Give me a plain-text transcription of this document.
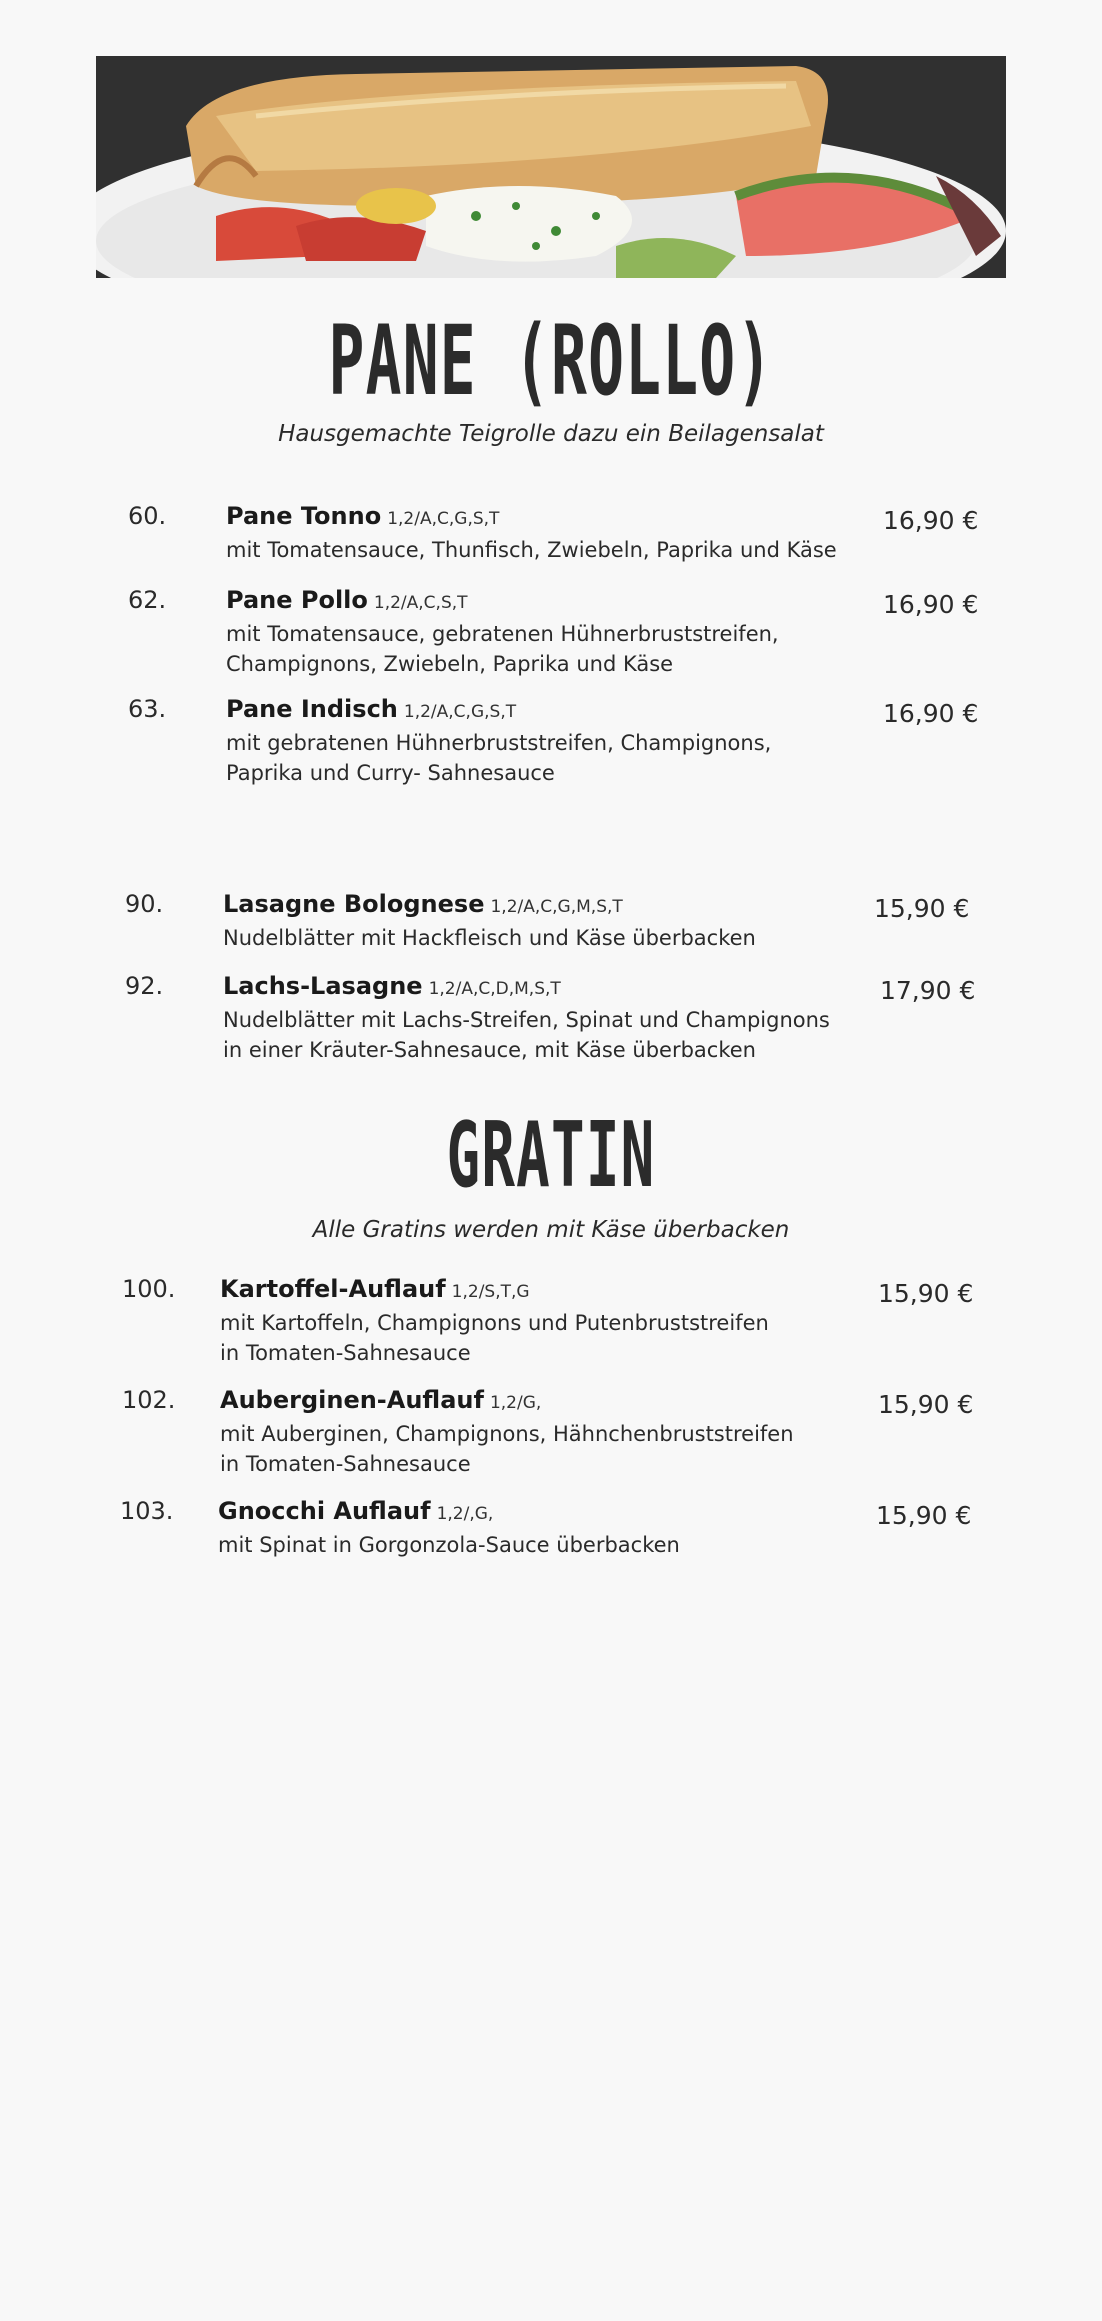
PANE (ROLLO)
Hausgemachte Teigrolle dazu ein Beilagensalat
60. Pane Tonno 1,2/A,C,G,S,T	16,90 €
mit Tomatensauce, Thunfisch, Zwiebeln, Paprika und Käse
62. Pane Pollo 1,2/A,C,S,T	16,90 €
mit Tomatensauce, gebratenen Hühnerbruststreifen,
Champignons, Zwiebeln, Paprika und Käse
63. Pane Indisch 1,2/A,C,G,S,T	16,90 €
mit gebratenen Hühnerbruststreifen, Champignons,
Paprika und Curry- Sahnesauce
90. Lasagne Bolognese 1,2/A,C,G,M,S,T	15,90 €
Nudelblätter mit Hackfleisch und Käse überbacken
92. Lachs-Lasagne 1,2/A,C,D,M,S,T	17,90 €
Nudelblätter mit Lachs-Streifen, Spinat und Champignons
in einer Kräuter-Sahnesauce, mit Käse überbacken
GRATIN
Alle Gratins werden mit Käse überbacken
100. Kartoffel-Auflauf 1,2/S,T,G	15,90 €
mit Kartoffeln, Champignons und Putenbruststreifen
in Tomaten-Sahnesauce
102. Auberginen-Auflauf 1,2/G,	15,90 €
mit Auberginen, Champignons, Hähnchenbruststreifen
in Tomaten-Sahnesauce
103. Gnocchi Auflauf 1,2/,G,	15,90 €
mit Spinat in Gorgonzola-Sauce überbacken
